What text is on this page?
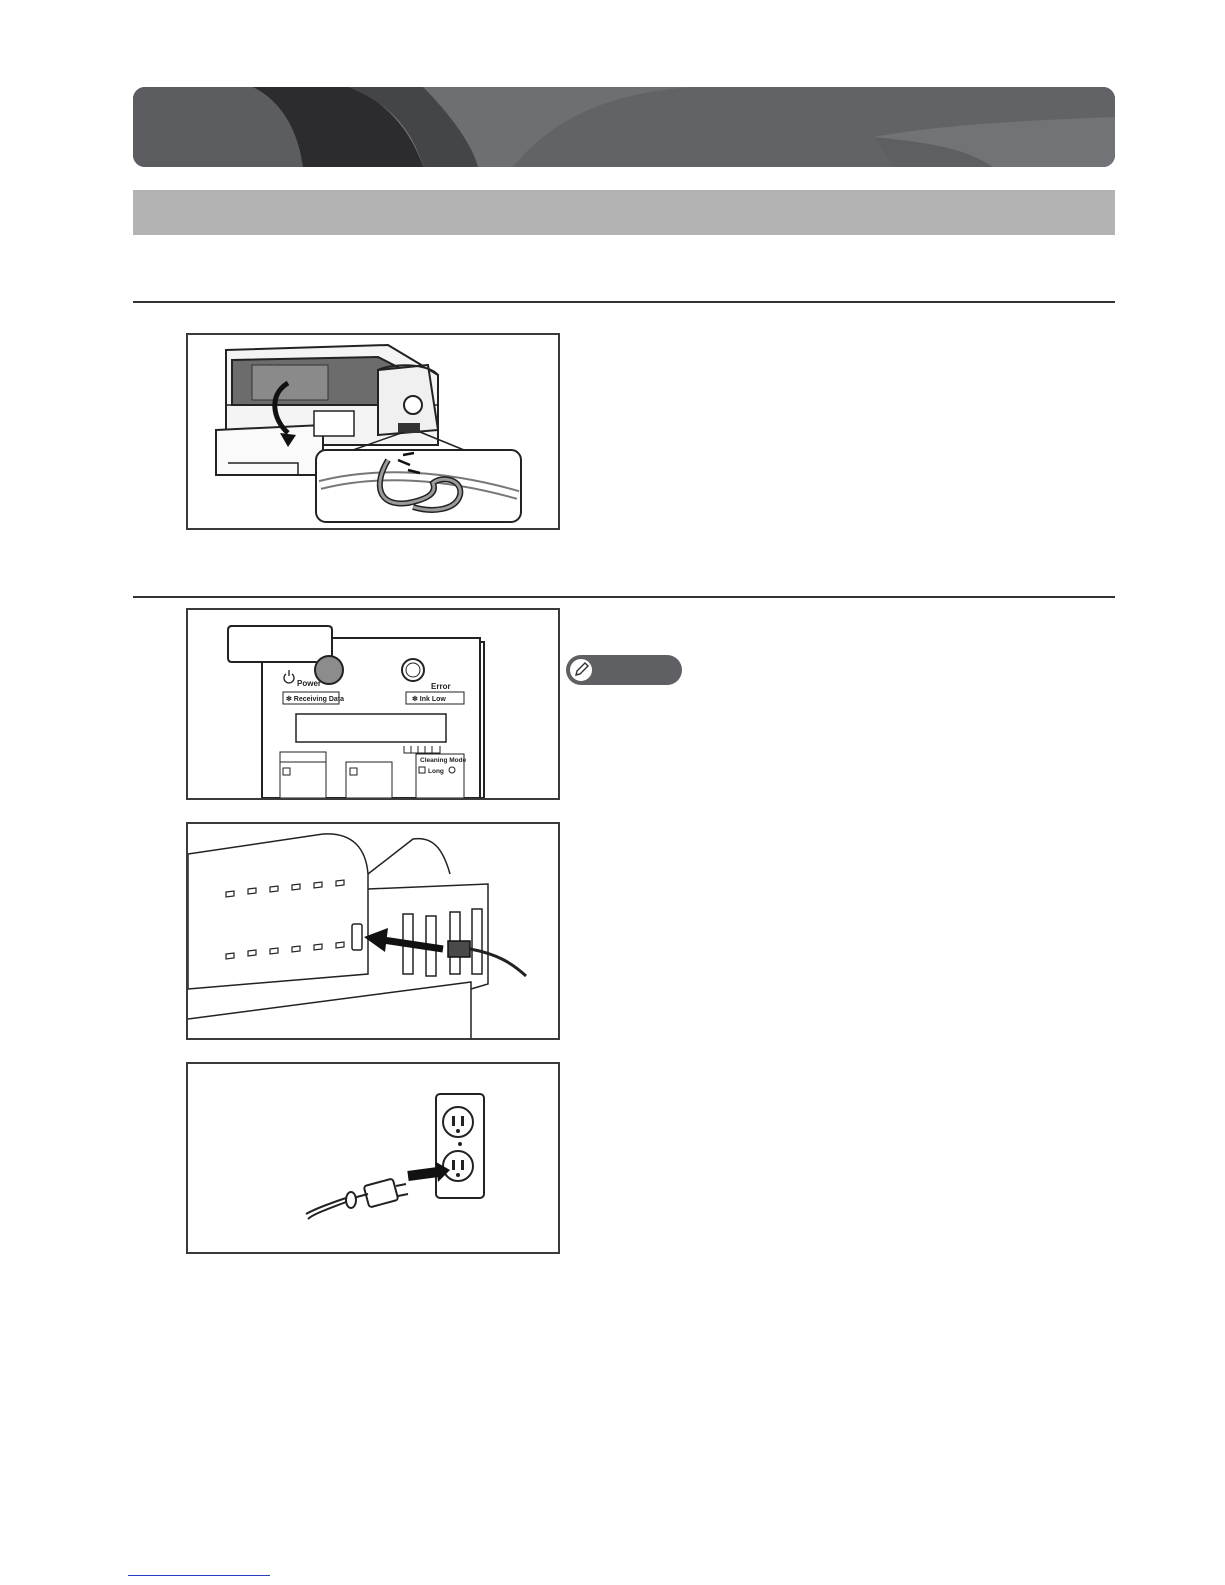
Power
✻ Receiving Data
Error
✻ Ink Low
Cleaning Mode
Long
